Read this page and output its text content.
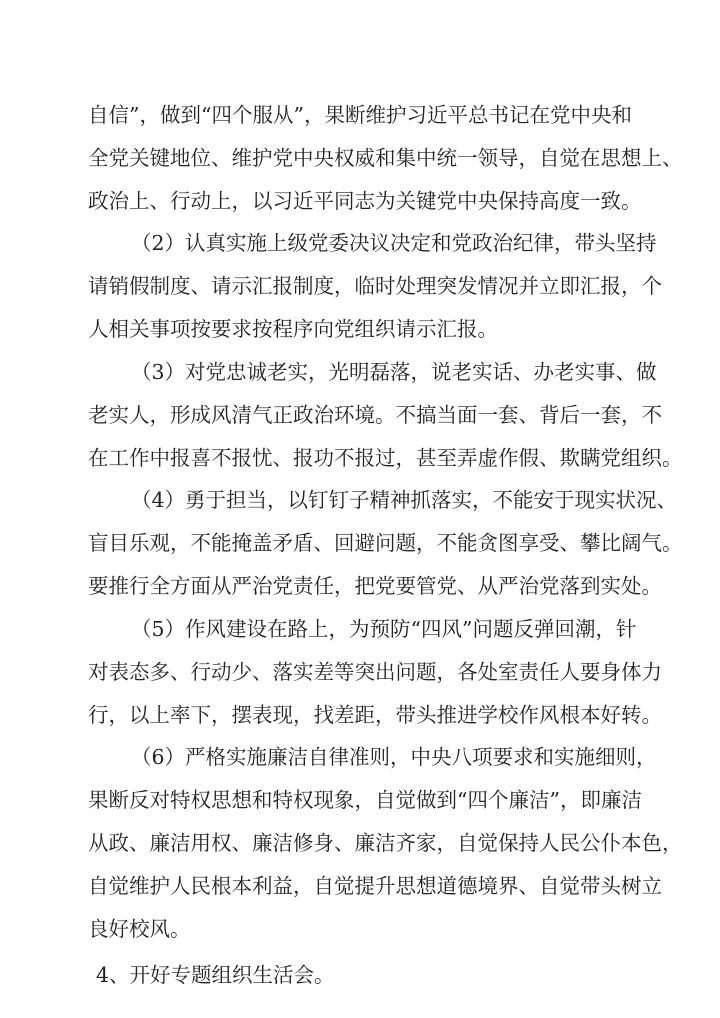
自信”，做到“四个服从”，果断维护习近平总书记在党中央和
全党关键地位、维护党中央权威和集中统一领导，自觉在思想上、
政治上、行动上，以习近平同志为关键党中央保持高度一致。
（2）认真实施上级党委决议决定和党政治纪律，带头坚持
请销假制度、请示汇报制度，临时处理突发情况并立即汇报，个
人相关事项按要求按程序向党组织请示汇报。
（3）对党忠诚老实，光明磊落，说老实话、办老实事、做
老实人，形成风清气正政治环境。不搞当面一套、背后一套，不
在工作中报喜不报忧、报功不报过，甚至弄虚作假、欺瞒党组织。
（4）勇于担当，以钉钉子精神抓落实，不能安于现实状况、
盲目乐观，不能掩盖矛盾、回避问题，不能贪图享受、攀比阔气。
要推行全方面从严治党责任，把党要管党、从严治党落到实处。
（5）作风建设在路上，为预防“四风”问题反弹回潮，针
对表态多、行动少、落实差等突出问题，各处室责任人要身体力
行，以上率下，摆表现，找差距，带头推进学校作风根本好转。
（6）严格实施廉洁自律准则，中央八项要求和实施细则，
果断反对特权思想和特权现象，自觉做到“四个廉洁”，即廉洁
从政、廉洁用权、廉洁修身、廉洁齐家，自觉保持人民公仆本色，
自觉维护人民根本利益，自觉提升思想道德境界、自觉带头树立
良好校风。
4、开好专题组织生活会。
